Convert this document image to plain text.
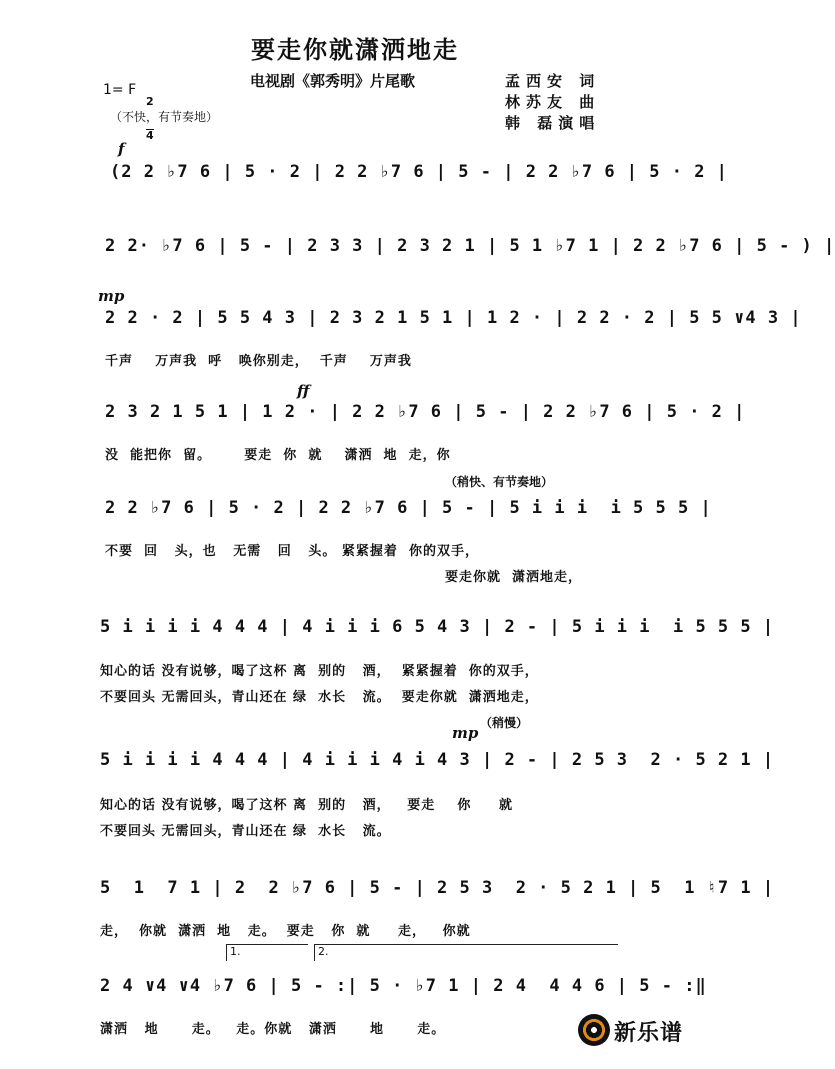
要走你就潇洒地走
电视剧《郭秀明》片尾歌	孟西安 词
林苏友 曲
韩 磊演唱
1= F

$\frac{2}{4}$

（不快，有节奏地）
f
(2 2 ♭7 6 | 5 · 2 | 2 2 ♭7 6 | 5 - | 2 2 ♭7 6 | 5 · 2 |
2 2· ♭7 6 | 5 - | 2 3 3 | 2 3 2 1 | 5 1 ♭7 1 | 2 2 ♭7 6 | 5 - ) |
mp
2 2 · 2 | 5 5 4 3 | 2 3 2 1 5 1 | 1 2 · | 2 2 · 2 | 5 5 ∨4 3 |
千声    万声我  呼   唤你别走，  千声    万声我
ff
2 3 2 1 5 1 | 1 2 · | 2 2 ♭7 6 | 5 - | 2 2 ♭7 6 | 5 · 2 |
没  能把你  留。      要走  你  就    潇洒  地  走，你
（稍快、有节奏地）
2 2 ♭7 6 | 5 · 2 | 2 2 ♭7 6 | 5 - | 5 i i i  i 5 5 5 |
不要  回   头，也   无需   回   头。 紧紧握着  你的双手，
要走你就  潇洒地走，
5 i i i i 4 4 4 | 4 i i i 6 5 4 3 | 2 - | 5 i i i  i 5 5 5 |
知心的话 没有说够，喝了这杯 离  别的   酒，  紧紧握着  你的双手，
不要回头 无需回头，青山还在 绿  水长   流。  要走你就  潇洒地走，
（稍慢）
mp
5 i i i i 4 4 4 | 4 i i i 4 i 4 3 | 2 - | 2 5 3  2 · 5 2 1 |
知心的话 没有说够，喝了这杯 离  别的   酒，   要走    你     就
不要回头 无需回头，青山还在 绿  水长   流。
5  1  7 1 | 2  2 ♭7 6 | 5 - | 2 5 3  2 · 5 2 1 | 5  1 ♮7 1 |
走，  你就  潇洒  地   走。  要走   你  就     走，   你就
1.	2.
2 4 ∨4 ∨4 ♭7 6 | 5 - :| 5 · ♭7 1 | 2 4  4 4 6 | 5 - :‖
潇洒   地      走。   走。你就   潇洒      地      走。

	新乐谱
